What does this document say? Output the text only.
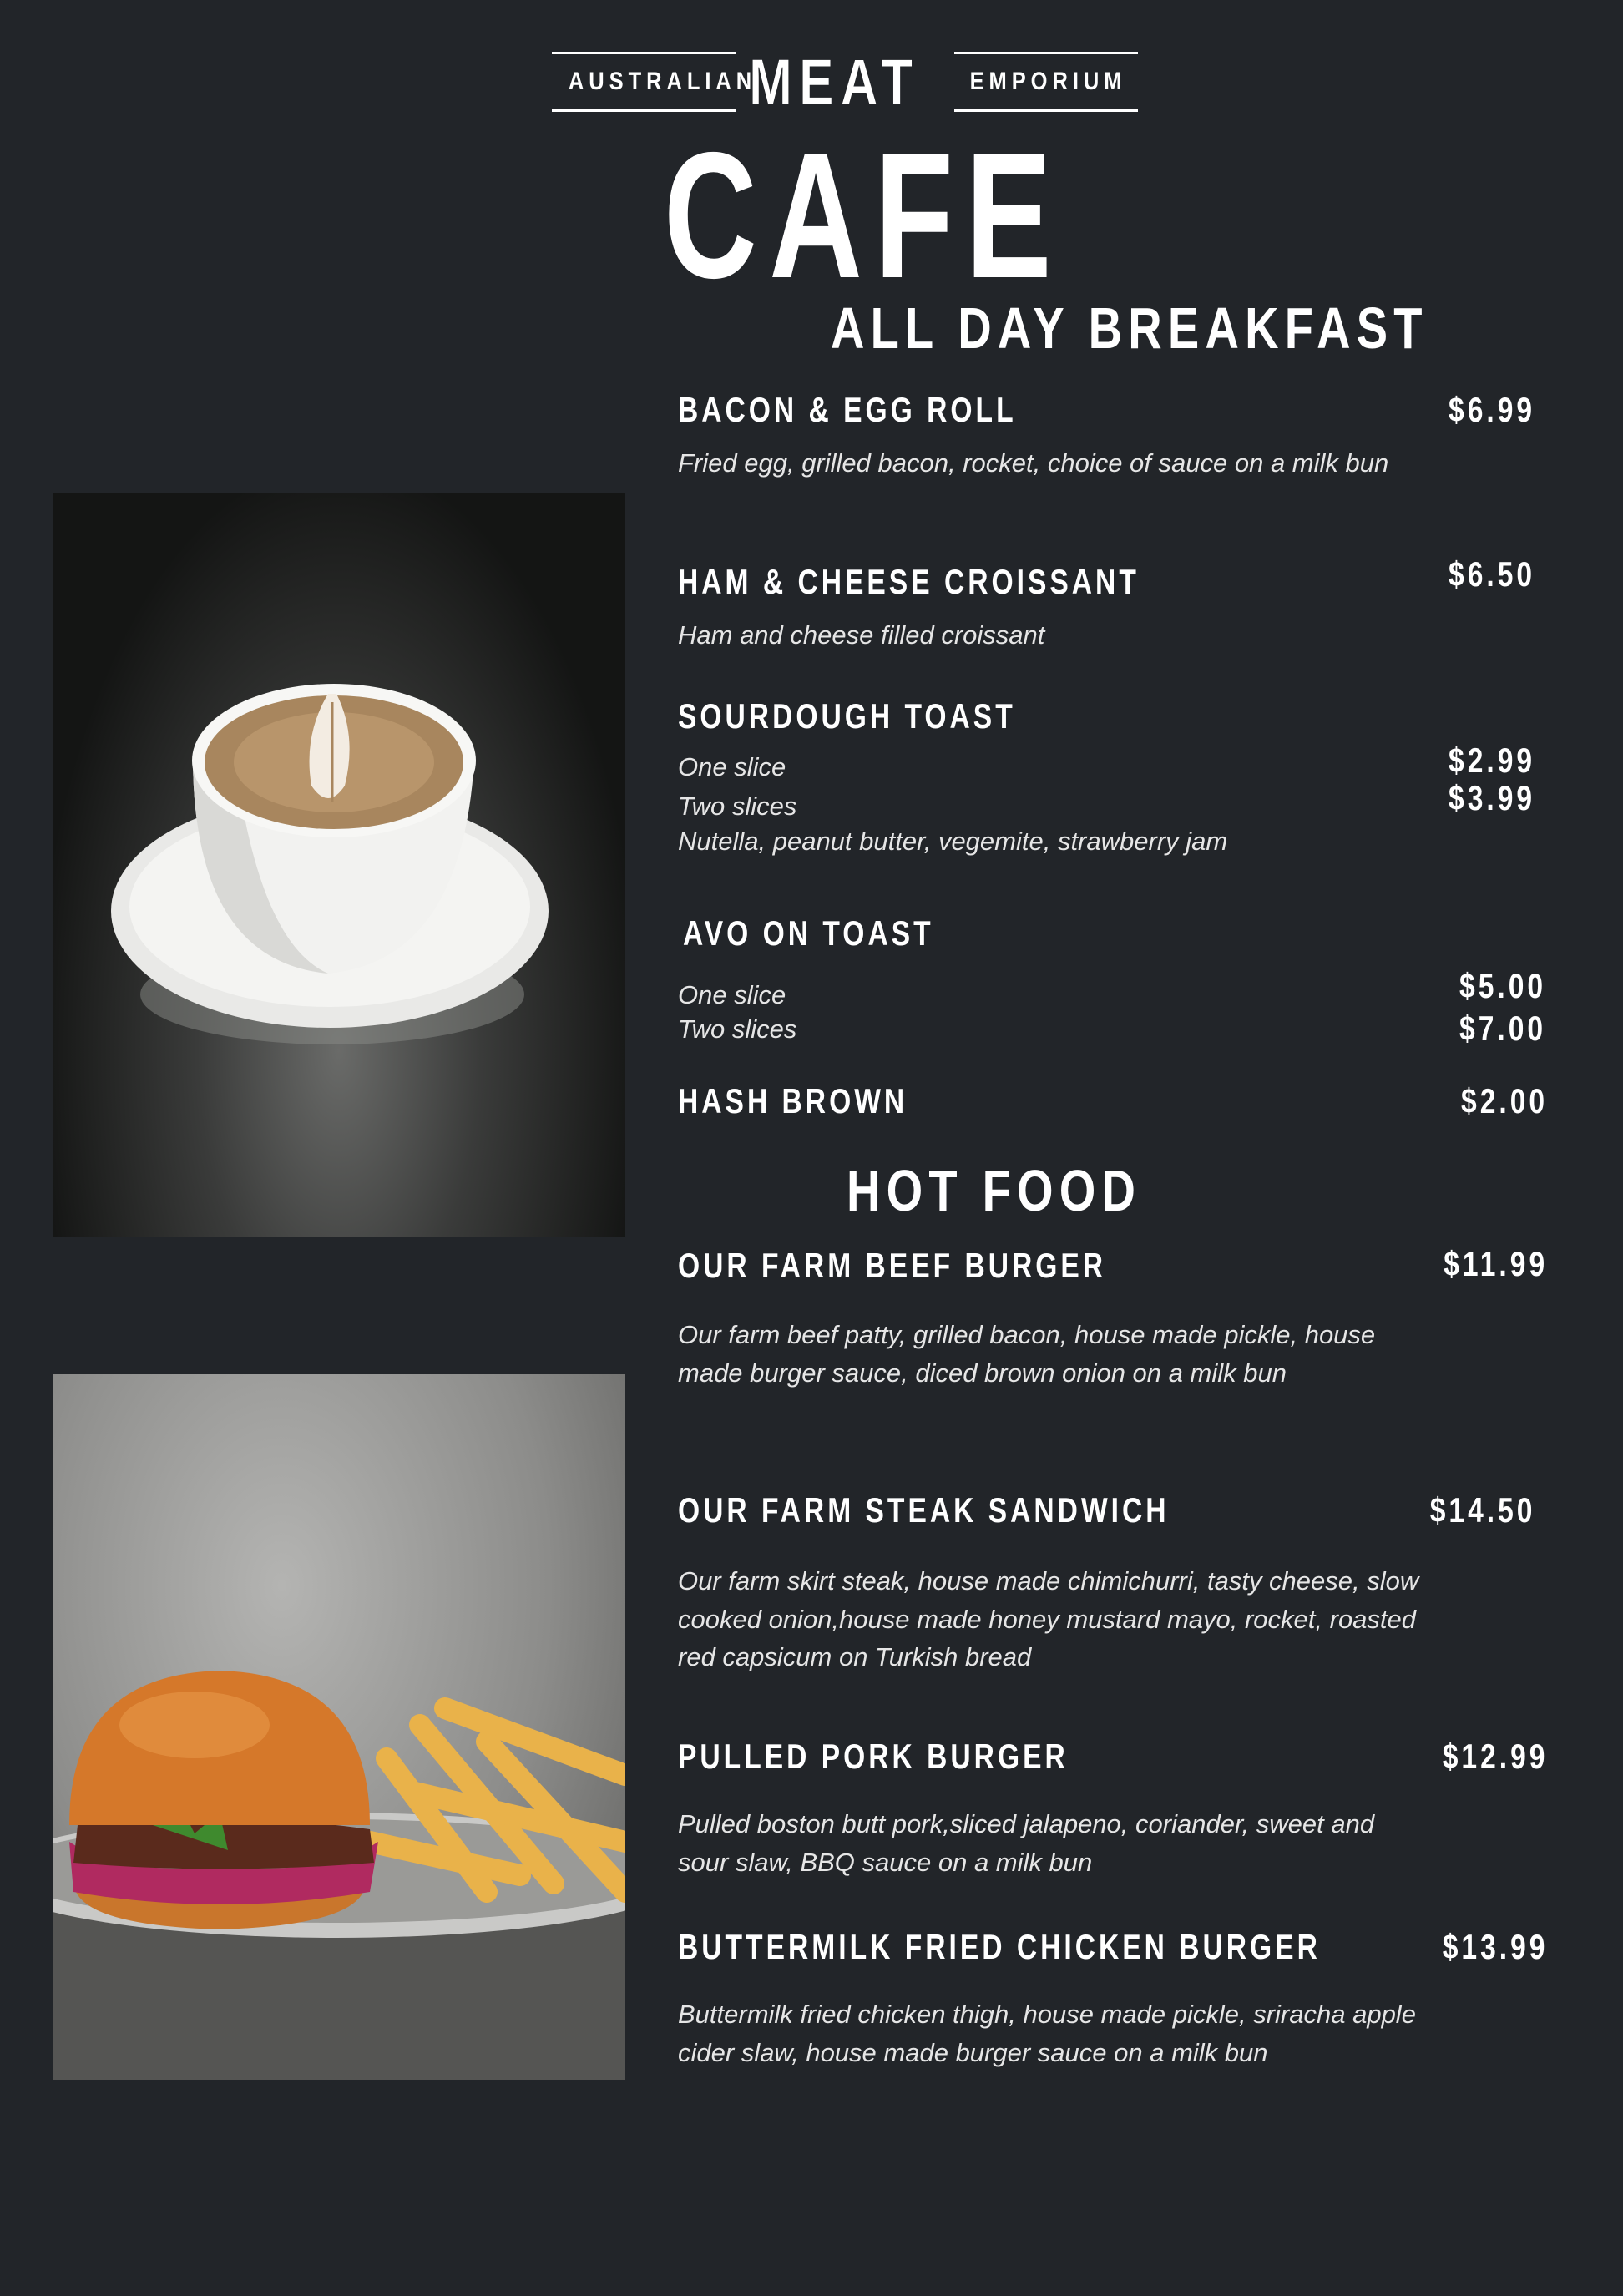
AUSTRALIAN
MEAT EMPORIUM
CAFE
ALL DAY BREAKFAST
BACON & EGG ROLL	$6.99
Fried egg, grilled bacon, rocket, choice of sauce on a milk bun
HAM & CHEESE CROISSANT	$6.50
Ham and cheese filled croissant
SOURDOUGH TOAST
One slice	$2.99
Two slices	$3.99
Nutella, peanut butter, vegemite, strawberry jam
AVO ON TOAST
One slice	$5.00
Two slices	$7.00
HASH BROWN	$2.00
HOT FOOD
OUR FARM BEEF BURGER	$11.99
Our farm beef patty, grilled bacon, house made pickle, house made burger sauce, diced brown onion on a milk bun
OUR FARM STEAK SANDWICH	$14.50
Our farm skirt steak, house made chimichurri, tasty cheese, slow cooked onion,house made honey mustard mayo, rocket, roasted red capsicum on Turkish bread
PULLED PORK BURGER	$12.99
Pulled boston butt pork,sliced jalapeno, coriander, sweet and sour slaw, BBQ sauce on a milk bun
BUTTERMILK FRIED CHICKEN BURGER	$13.99
Buttermilk fried chicken thigh, house made pickle, sriracha apple cider slaw, house made burger sauce on a milk bun
